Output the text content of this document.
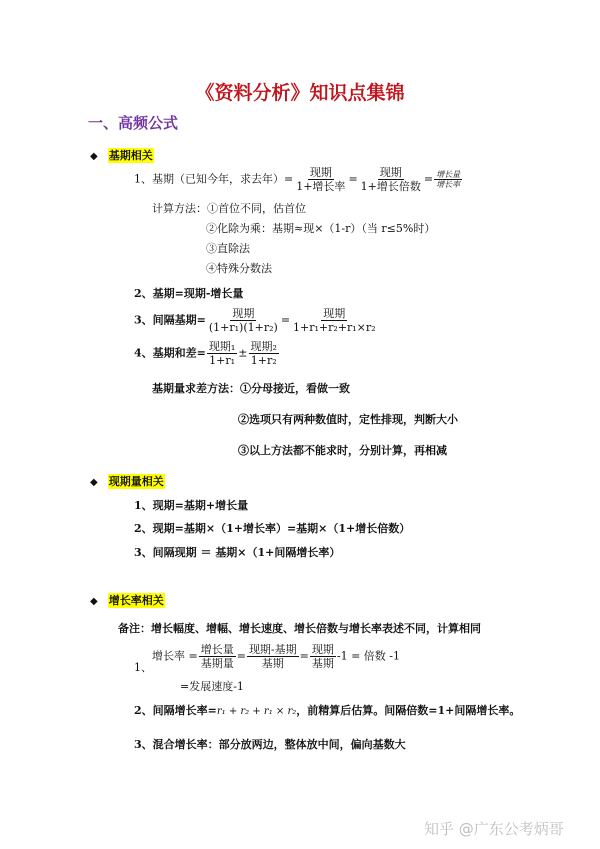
《资料分析》知识点集锦
一、高频公式
◆ 基期相关
1、基期（已知今年，求去年）= $\frac{\text{现期}}{\text{1+增长率}} = \frac{\text{现期}}{\text{1+增长倍数}} = \frac{\text{增长量}}{\text{增长率}}$
计算方法：①首位不同，估首位
②化除为乘：基期≈现×（1-r）（当 r≤5%时）
③直除法
④特殊分数法
2、基期=现期-增长量
3、间隔基期= $\frac{\text{现期}}{\text{(1+r₁)(1+r₂)}} = \frac{\text{现期}}{\text{1+r₁+r₂+r₁×r₂}}$
4、基期和差= $\frac{\text{现期₁}}{\text{1+r₁}} \pm \frac{\text{现期₂}}{\text{1+r₂}}$
基期量求差方法：①分母接近，看做一致
②选项只有两种数值时，定性排现，判断大小
③以上方法都不能求时，分别计算，再相减
◆ 现期量相关
1、现期=基期+增长量
2、现期=基期×（1+增长率）=基期×（1+增长倍数）
3、间隔现期 ＝ 基期×（1+间隔增长率）
◆ 增长率相关
备注：增长幅度、增幅、增长速度、增长倍数与增长率表述不同，计算相同
1、
增长率 = $\frac{\text{增长量}}{\text{基期量}} = \frac{\text{现期-基期}}{\text{基期}} = \frac{\text{现期}}{\text{基期}} -1$ = 倍数 -1
=发展速度-1
2、间隔增长率=r₁ + r₂ + r₁ × r₂，前精算后估算。间隔倍数=1+间隔增长率。
3、混合增长率：部分放两边，整体放中间，偏向基数大
知乎 @广东公考炳哥
